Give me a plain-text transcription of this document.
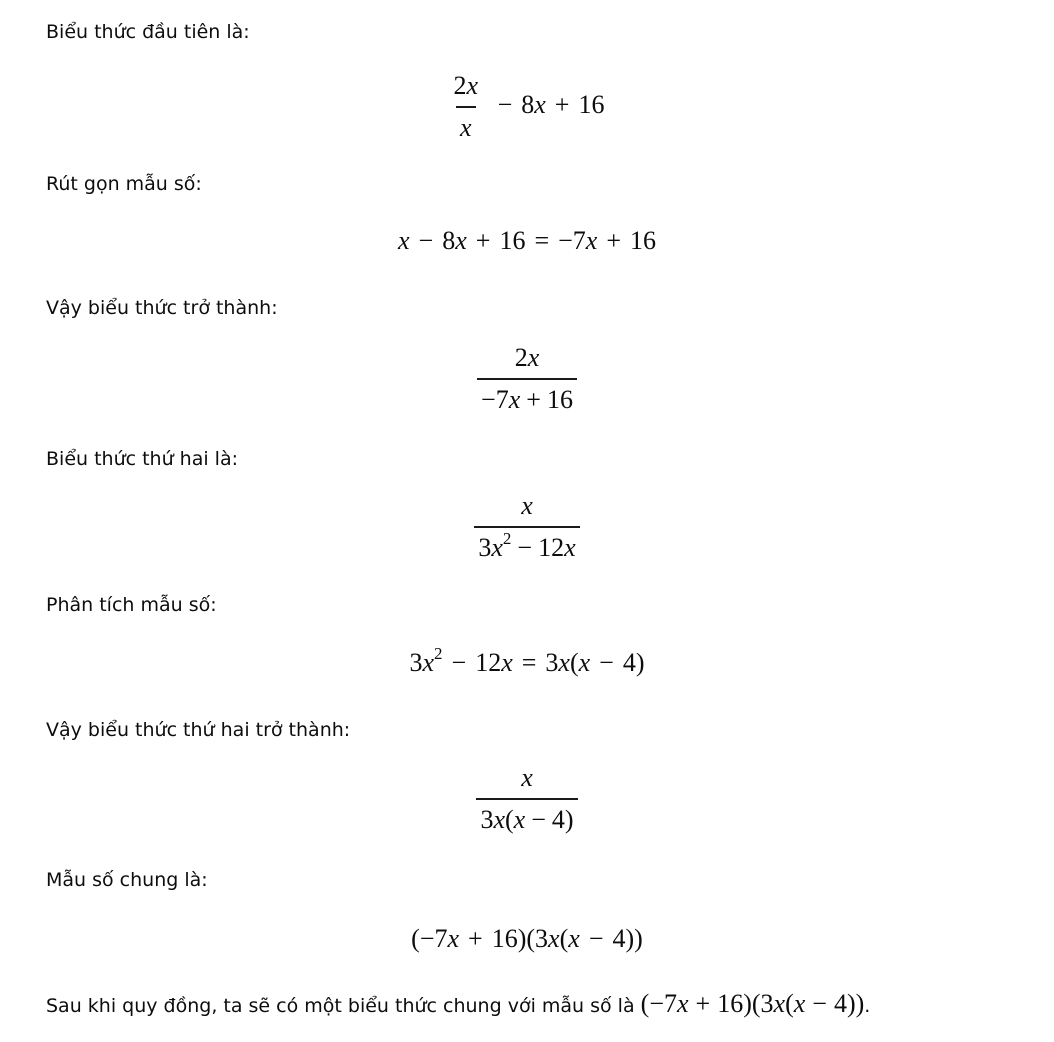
Biểu thức đầu tiên là:

$\frac{2x}{x} - 8x + 16$

Rút gọn mẫu số:

x − 8x + 16 = −7x + 16

Vậy biểu thức trở thành:

$\frac{2x}{-7x + 16}$

Biểu thức thứ hai là:

$\frac{x}{3x^2 - 12x}$

Phân tích mẫu số:

$3x^2 - 12x = 3x(x - 4)$

Vậy biểu thức thứ hai trở thành:

$\frac{x}{3x(x - 4)}$

Mẫu số chung là:

(−7x + 16)(3x(x − 4))

Sau khi quy đồng, ta sẽ có một biểu thức chung với mẫu số là (−7x + 16)(3x(x − 4)).
